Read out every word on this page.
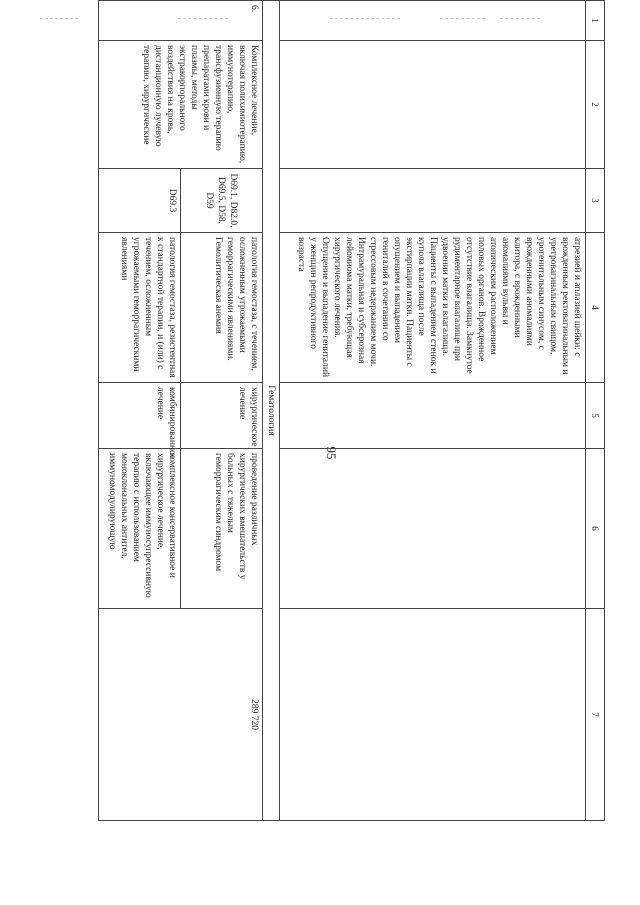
95
1	2	3	4	5	6	7
			атрезией и аплазией шейки; с врожденным ректовагинальным и уретровагинальным свищом, урогенитальным синусом, с врожденными аномалиями клитора, с врожденными аномалиями вульвы и атопическим расположением половых органов. Врожденное отсутствие влагалища. Замкнутое рудиментарное влагалище при удвоении матки и влагалища. Пациенты с выпадением стенок и купола влагалища после экстирпации матки. Пациенты с опущением и выпадением гениталий в сочетании со стрессовым недержанием мочи. Интрамуральная и субсерозная лейомиома матки, требующая хирургического лечения. Опущение и выпадение гениталий у женщин репродуктивного возраста			
Гематология						
6.	Комплексное лечение, включая полихимиотерапию, иммунотерапию, трансфузионную терапию препаратами крови и плазмы, методы экстракорпорального воздействия на кровь, дистанционную лучевую терапию, хирургические	D69.1, D82.0, D69.5, D58, D59	патология гемостаза, с течением, осложненным угрожаемыми геморрагическими явлениями. Гемолитическая анемия	хирургическое лечение	проведение различных хирургических вмешательств у больных с тяжелым геморрагическим синдромом	289 720
		D69.3	патология гемостаза, резистентная к стандартной терапии, и (или) с течением, осложненным угрожаемыми геморрагическими явлениями	комбинированное лечение	комплексное консервативное и хирургическое лечение, включающее иммуносупрессивную терапию с использованием моноклональных антител, иммуномодулирующую	
